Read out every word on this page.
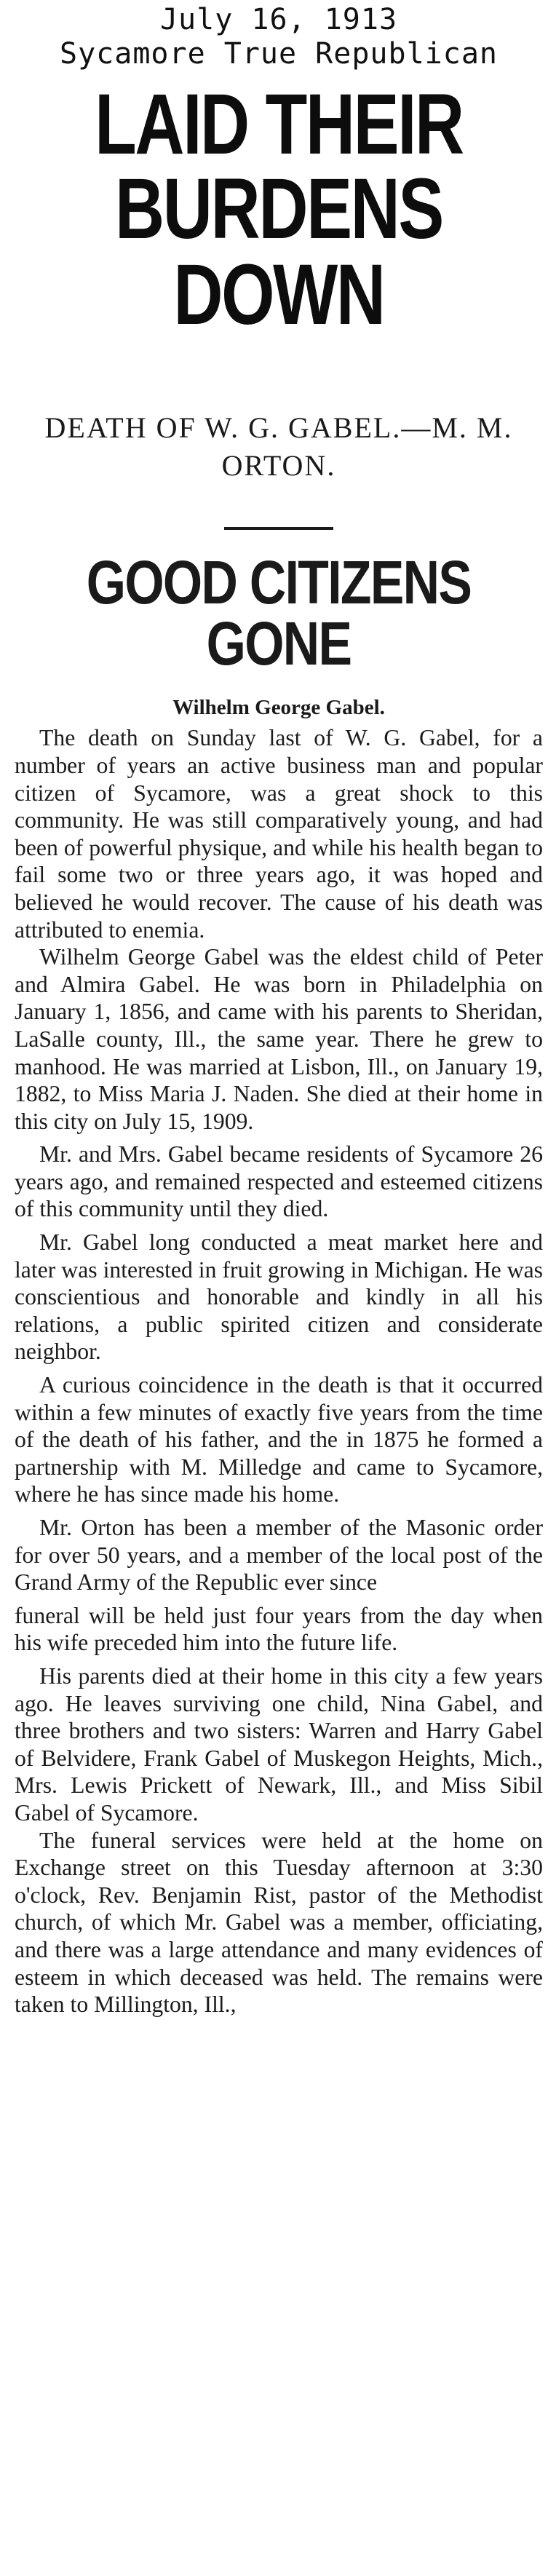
July 16, 1913
Sycamore True Republican
LAID THEIR
BURDENS DOWN
DEATH OF W. G. GABEL.—M. M. ORTON.
GOOD CITIZENS GONE
Wilhelm George Gabel.

The death on Sunday last of W. G. Gabel, for a number of years an active business man and popular citizen of Sycamore, was a great shock to this community. He was still comparatively young, and had been of powerful physique, and while his health began to fail some two or three years ago, it was hoped and believed he would recover. The cause of his death was attributed to enemia.

Wilhelm George Gabel was the eldest child of Peter and Almira Gabel. He was born in Philadelphia on January 1, 1856, and came with his parents to Sheridan, LaSalle county, Ill., the same year. There he grew to manhood. He was married at Lisbon, Ill., on January 19, 1882, to Miss Maria J. Naden. She died at their home in this city on July 15, 1909.

Mr. and Mrs. Gabel became residents of Sycamore 26 years ago, and remained respected and esteemed citizens of this community until they died.

Mr. Gabel long conducted a meat market here and later was interested in fruit growing in Michigan. He was conscientious and honorable and kindly in all his relations, a public spirited citizen and considerate neighbor.

A curious coincidence in the death is that it occurred within a few minutes of exactly five years from the time of the death of his father, and the in 1875 he formed a partnership with M. Milledge and came to Sycamore, where he has since made his home.

Mr. Orton has been a member of the Masonic order for over 50 years, and a member of the local post of the Grand Army of the Republic ever since

funeral will be held just four years from the day when his wife preceded him into the future life.

His parents died at their home in this city a few years ago. He leaves surviving one child, Nina Gabel, and three brothers and two sisters: Warren and Harry Gabel of Belvidere, Frank Gabel of Muskegon Heights, Mich., Mrs. Lewis Prickett of Newark, Ill., and Miss Sibil Gabel of Sycamore.

The funeral services were held at the home on Exchange street on this Tuesday afternoon at 3:30 o'clock, Rev. Benjamin Rist, pastor of the Methodist church, of which Mr. Gabel was a member, officiating, and there was a large attendance and many evidences of esteem in which deceased was held. The remains were taken to Millington, Ill.,
